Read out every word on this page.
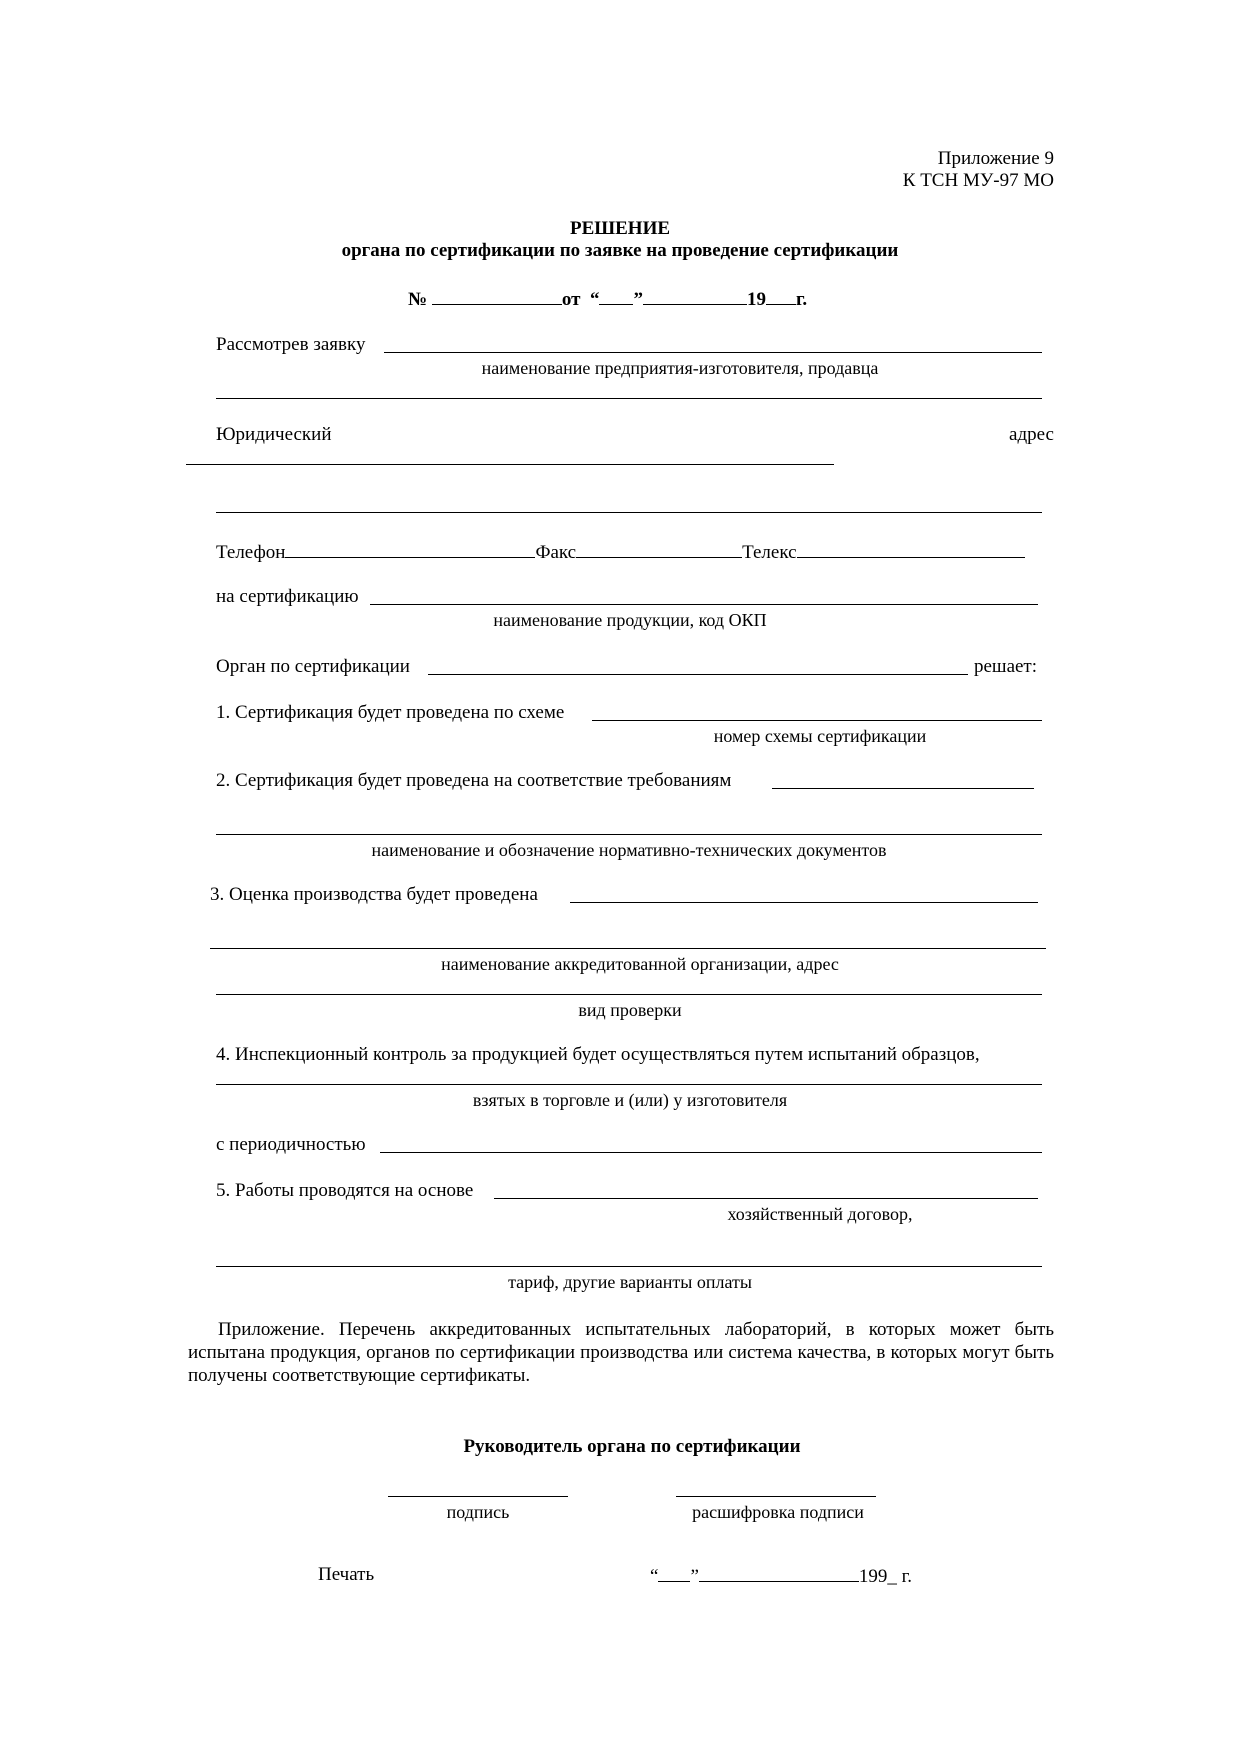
Приложение 9
К ТСН МУ-97 МО
РЕШЕНИЕ
органа по сертификации по заявке на проведение сертификации
№	от “ ”	19 г.
Рассмотрев заявку
наименование предприятия-изготовителя, продавца
Юридический	адрес
Телефон	Факс	Телекс
на сертификацию
наименование продукции, код ОКП
Орган по сертификации	решает:
1. Сертификация будет проведена по схеме
номер схемы сертификации
2. Сертификация будет проведена на соответствие требованиям
наименование и обозначение нормативно-технических документов
3. Оценка производства будет проведена
наименование аккредитованной организации, адрес
вид проверки
4. Инспекционный контроль за продукцией будет осуществляться путем испытаний образцов,
взятых в торговле и (или) у изготовителя
с периодичностью
5. Работы проводятся на основе
хозяйственный договор,
тариф, другие варианты оплаты
Приложение. Перечень аккредитованных испытательных лабораторий, в которых может быть испытана продукция, органов по сертификации производства или система качества, в которых могут быть получены соответствующие сертификаты.
Руководитель органа по сертификации
подпись	расшифровка подписи
Печать	“ ”	199_ г.
